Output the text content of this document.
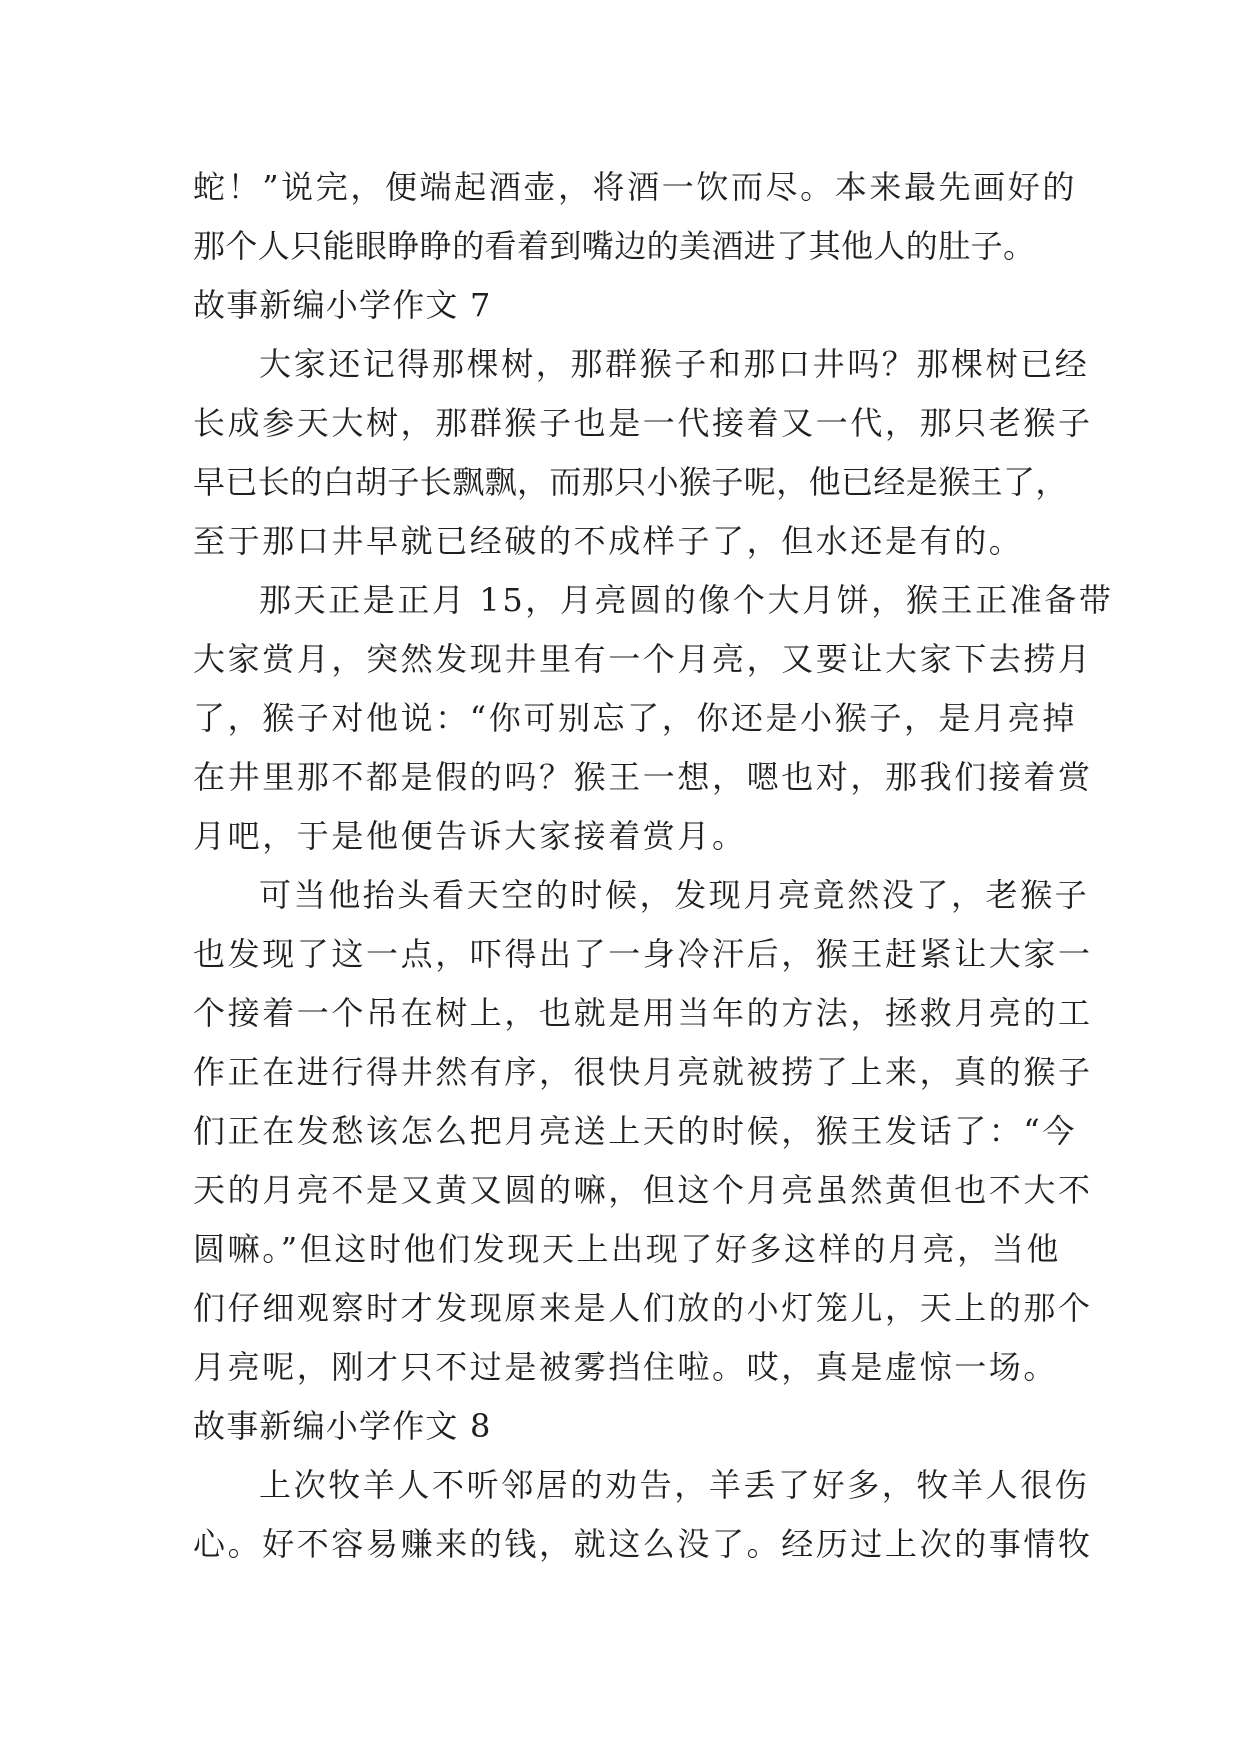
蛇！”说完，便端起酒壶，将酒一饮而尽。本来最先画好的
那个人只能眼睁睁的看着到嘴边的美酒进了其他人的肚子。
故事新编小学作文 7
大家还记得那棵树，那群猴子和那口井吗？那棵树已经
长成参天大树，那群猴子也是一代接着又一代，那只老猴子
早已长的白胡子长飘飘，而那只小猴子呢，他已经是猴王了，
至于那口井早就已经破的不成样子了，但水还是有的。
那天正是正月 15，月亮圆的像个大月饼，猴王正准备带
大家赏月，突然发现井里有一个月亮，又要让大家下去捞月
了，猴子对他说：“你可别忘了，你还是小猴子，是月亮掉
在井里那不都是假的吗？猴王一想，嗯也对，那我们接着赏
月吧，于是他便告诉大家接着赏月。
可当他抬头看天空的时候，发现月亮竟然没了，老猴子
也发现了这一点，吓得出了一身冷汗后，猴王赶紧让大家一
个接着一个吊在树上，也就是用当年的方法，拯救月亮的工
作正在进行得井然有序，很快月亮就被捞了上来，真的猴子
们正在发愁该怎么把月亮送上天的时候，猴王发话了：“今
天的月亮不是又黄又圆的嘛，但这个月亮虽然黄但也不大不
圆嘛。”但这时他们发现天上出现了好多这样的月亮，当他
们仔细观察时才发现原来是人们放的小灯笼儿，天上的那个
月亮呢，刚才只不过是被雾挡住啦。哎，真是虚惊一场。
故事新编小学作文 8
上次牧羊人不听邻居的劝告，羊丢了好多，牧羊人很伤
心。好不容易赚来的钱，就这么没了。经历过上次的事情牧
